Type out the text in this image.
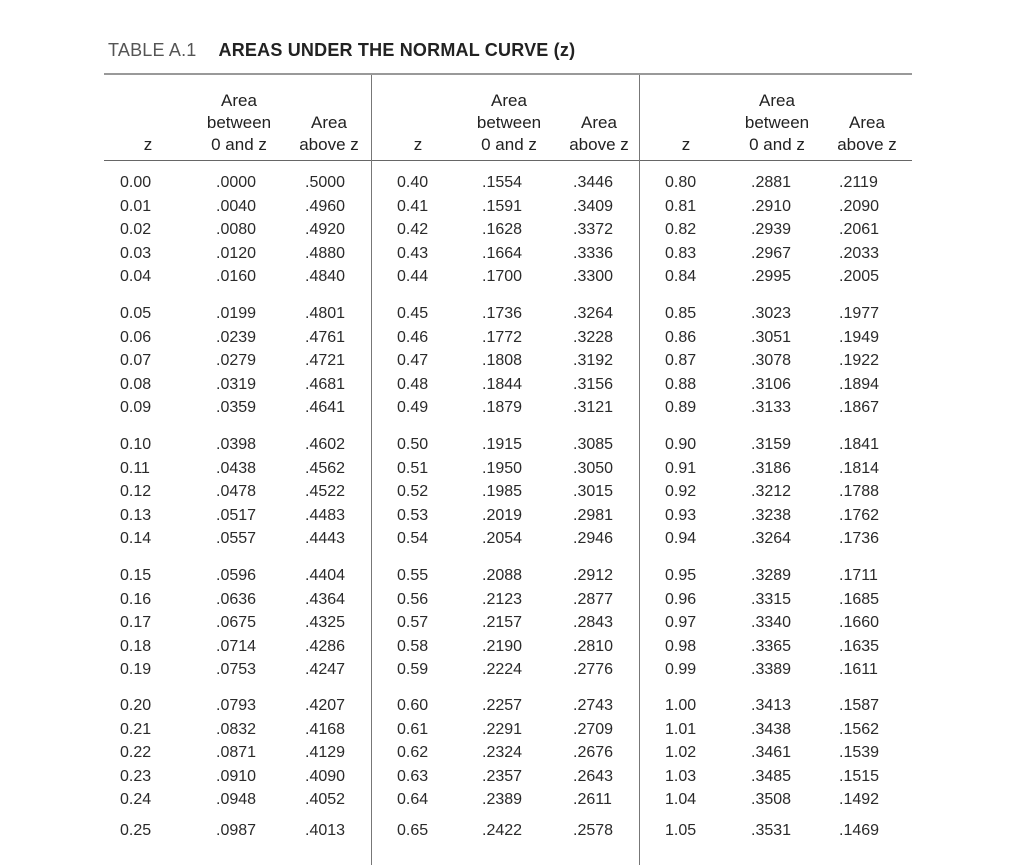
TABLE A.1 AREAS UNDER THE NORMAL CURVE (z)
z
Area
between
0 and z
Area
above z	z
Area
between
0 and z
Area
above z	z
Area
between
0 and z
Area
above z
0.00	.0000	.5000	0.40	.1554	.3446	0.80	.2881	.2119
0.01	.0040	.4960	0.41	.1591	.3409	0.81	.2910	.2090
0.02	.0080	.4920	0.42	.1628	.3372	0.82	.2939	.2061
0.03	.0120	.4880	0.43	.1664	.3336	0.83	.2967	.2033
0.04	.0160	.4840	0.44	.1700	.3300	0.84	.2995	.2005
0.05	.0199	.4801	0.45	.1736	.3264	0.85	.3023	.1977
0.06	.0239	.4761	0.46	.1772	.3228	0.86	.3051	.1949
0.07	.0279	.4721	0.47	.1808	.3192	0.87	.3078	.1922
0.08	.0319	.4681	0.48	.1844	.3156	0.88	.3106	.1894
0.09	.0359	.4641	0.49	.1879	.3121	0.89	.3133	.1867
0.10	.0398	.4602	0.50	.1915	.3085	0.90	.3159	.1841
0.11	.0438	.4562	0.51	.1950	.3050	0.91	.3186	.1814
0.12	.0478	.4522	0.52	.1985	.3015	0.92	.3212	.1788
0.13	.0517	.4483	0.53	.2019	.2981	0.93	.3238	.1762
0.14	.0557	.4443	0.54	.2054	.2946	0.94	.3264	.1736
0.15	.0596	.4404	0.55	.2088	.2912	0.95	.3289	.1711
0.16	.0636	.4364	0.56	.2123	.2877	0.96	.3315	.1685
0.17	.0675	.4325	0.57	.2157	.2843	0.97	.3340	.1660
0.18	.0714	.4286	0.58	.2190	.2810	0.98	.3365	.1635
0.19	.0753	.4247	0.59	.2224	.2776	0.99	.3389	.1611
0.20	.0793	.4207	0.60	.2257	.2743	1.00	.3413	.1587
0.21	.0832	.4168	0.61	.2291	.2709	1.01	.3438	.1562
0.22	.0871	.4129	0.62	.2324	.2676	1.02	.3461	.1539
0.23	.0910	.4090	0.63	.2357	.2643	1.03	.3485	.1515
0.24	.0948	.4052	0.64	.2389	.2611	1.04	.3508	.1492
0.25	.0987	.4013	0.65	.2422	.2578	1.05	.3531	.1469
